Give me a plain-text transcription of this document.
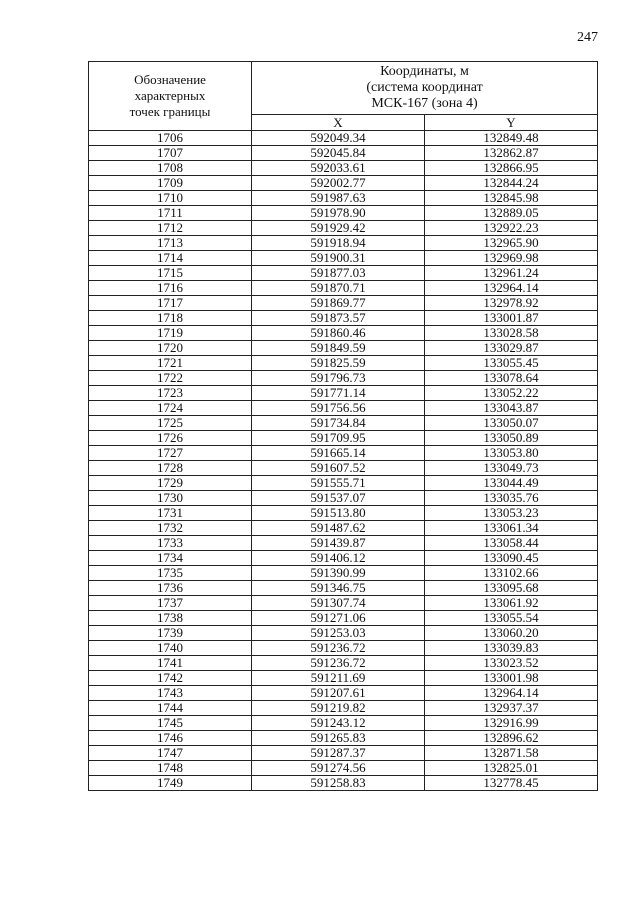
247
Обозначение
характерных
точек границы	Координаты, м
(система координат
МСК-167 (зона 4)	

	X	Y
1706	592049.34	132849.48
1707	592045.84	132862.87
1708	592033.61	132866.95
1709	592002.77	132844.24
1710	591987.63	132845.98
1711	591978.90	132889.05
1712	591929.42	132922.23
1713	591918.94	132965.90
1714	591900.31	132969.98
1715	591877.03	132961.24
1716	591870.71	132964.14
1717	591869.77	132978.92
1718	591873.57	133001.87
1719	591860.46	133028.58
1720	591849.59	133029.87
1721	591825.59	133055.45
1722	591796.73	133078.64
1723	591771.14	133052.22
1724	591756.56	133043.87
1725	591734.84	133050.07
1726	591709.95	133050.89
1727	591665.14	133053.80
1728	591607.52	133049.73
1729	591555.71	133044.49
1730	591537.07	133035.76
1731	591513.80	133053.23
1732	591487.62	133061.34
1733	591439.87	133058.44
1734	591406.12	133090.45
1735	591390.99	133102.66
1736	591346.75	133095.68
1737	591307.74	133061.92
1738	591271.06	133055.54
1739	591253.03	133060.20
1740	591236.72	133039.83
1741	591236.72	133023.52
1742	591211.69	133001.98
1743	591207.61	132964.14
1744	591219.82	132937.37
1745	591243.12	132916.99
1746	591265.83	132896.62
1747	591287.37	132871.58
1748	591274.56	132825.01
1749	591258.83	132778.45
